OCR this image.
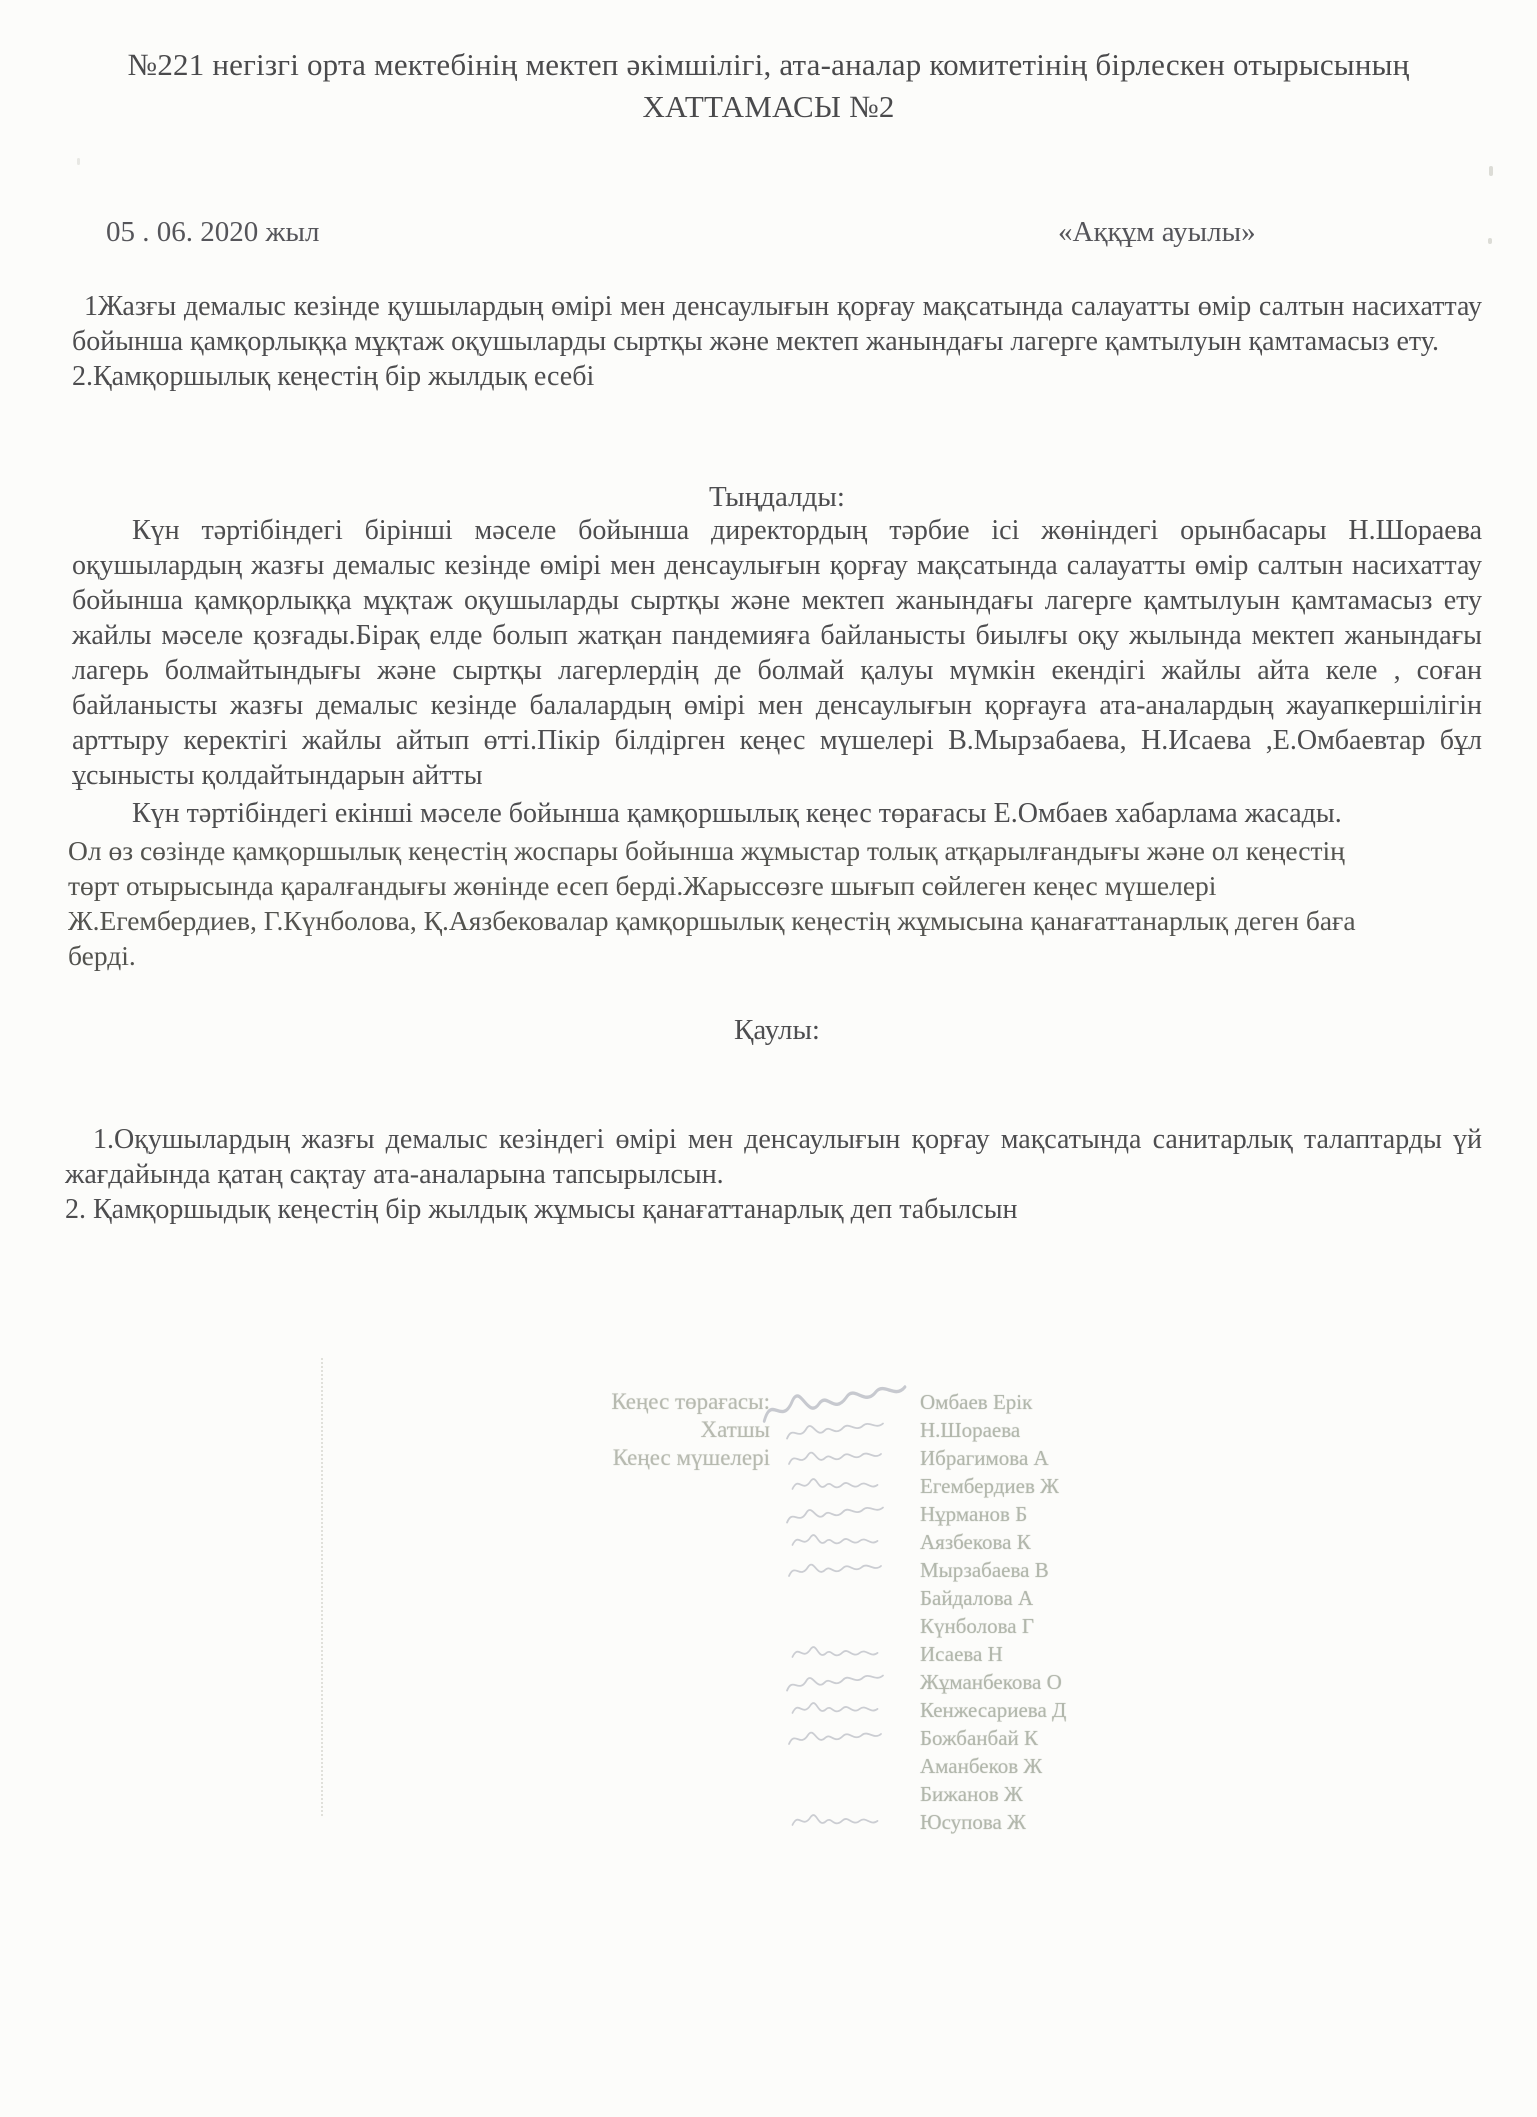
№221 негізгі орта мектебінің мектеп әкімшілігі, ата-аналар комитетінің бірлескен отырысының
ХАТТАМАСЫ №2
05 . 06. 2020 жыл	«Аққұм ауылы»
1Жазғы демалыс кезінде қушылардың өмірі мен денсаулығын қорғау мақсатында салауатты өмір салтын насихаттау бойынша қамқорлыққа мұқтаж оқушыларды сыртқы және мектеп жанындағы лагерге қамтылуын қамтамасыз ету.
2.Қамқоршылық кеңестің бір жылдық есебі
Тыңдалды:
Күн тәртібіндегі бірінші мәселе бойынша директордың тәрбие ісі жөніндегі орынбасары Н.Шораева оқушылардың жазғы демалыс кезінде өмірі мен денсаулығын қорғау мақсатында салауатты өмір салтын насихаттау бойынша қамқорлыққа мұқтаж оқушыларды сыртқы және мектеп жанындағы лагерге қамтылуын қамтамасыз ету жайлы мәселе қозғады.Бірақ елде болып жатқан пандемияға байланысты биылғы оқу жылында мектеп жанындағы лагерь болмайтындығы және сыртқы лагерлердің де болмай қалуы мүмкін екендігі жайлы айта келе , соған байланысты жазғы демалыс кезінде балалардың өмірі мен денсаулығын қорғауға ата-аналардың жауапкершілігін арттыру керектігі жайлы айтып өтті.Пікір білдірген кеңес мүшелері В.Мырзабаева, Н.Исаева ,Е.Омбаевтар бұл ұсынысты қолдайтындарын айтты
Күн тәртібіндегі екінші мәселе бойынша қамқоршылық кеңес төрағасы Е.Омбаев хабарлама жасады.
Ол өз сөзінде қамқоршылық кеңестің жоспары бойынша жұмыстар толық атқарылғандығы және ол кеңестің төрт отырысында қаралғандығы жөнінде есеп берді.Жарыссөзге шығып сөйлеген кеңес мүшелері Ж.Егембердиев, Г.Күнболова, Қ.Аязбековалар қамқоршылық кеңестің жұмысына қанағаттанарлық деген баға берді.
Қаулы:
1.Оқушылардың жазғы демалыс кезіндегі өмірі мен денсаулығын қорғау мақсатында санитарлық талаптарды үй жағдайында қатаң сақтау ата-аналарына тапсырылсын.
2. Қамқоршыдық кеңестің бір жылдық жұмысы қанағаттанарлық деп табылсын
Кеңес төрағасы:	Омбаев Ерік
Хатшы	Н.Шораева
Кеңес мүшелері	Ибрагимова А
Егембердиев Ж
Нұрманов Б
Аязбекова К
Мырзабаева В
Байдалова А
Күнболова Г
Исаева Н
Жұманбекова О
Кенжесариева Д
Божбанбай К
Аманбеков Ж
Бижанов Ж
Юсупова Ж
